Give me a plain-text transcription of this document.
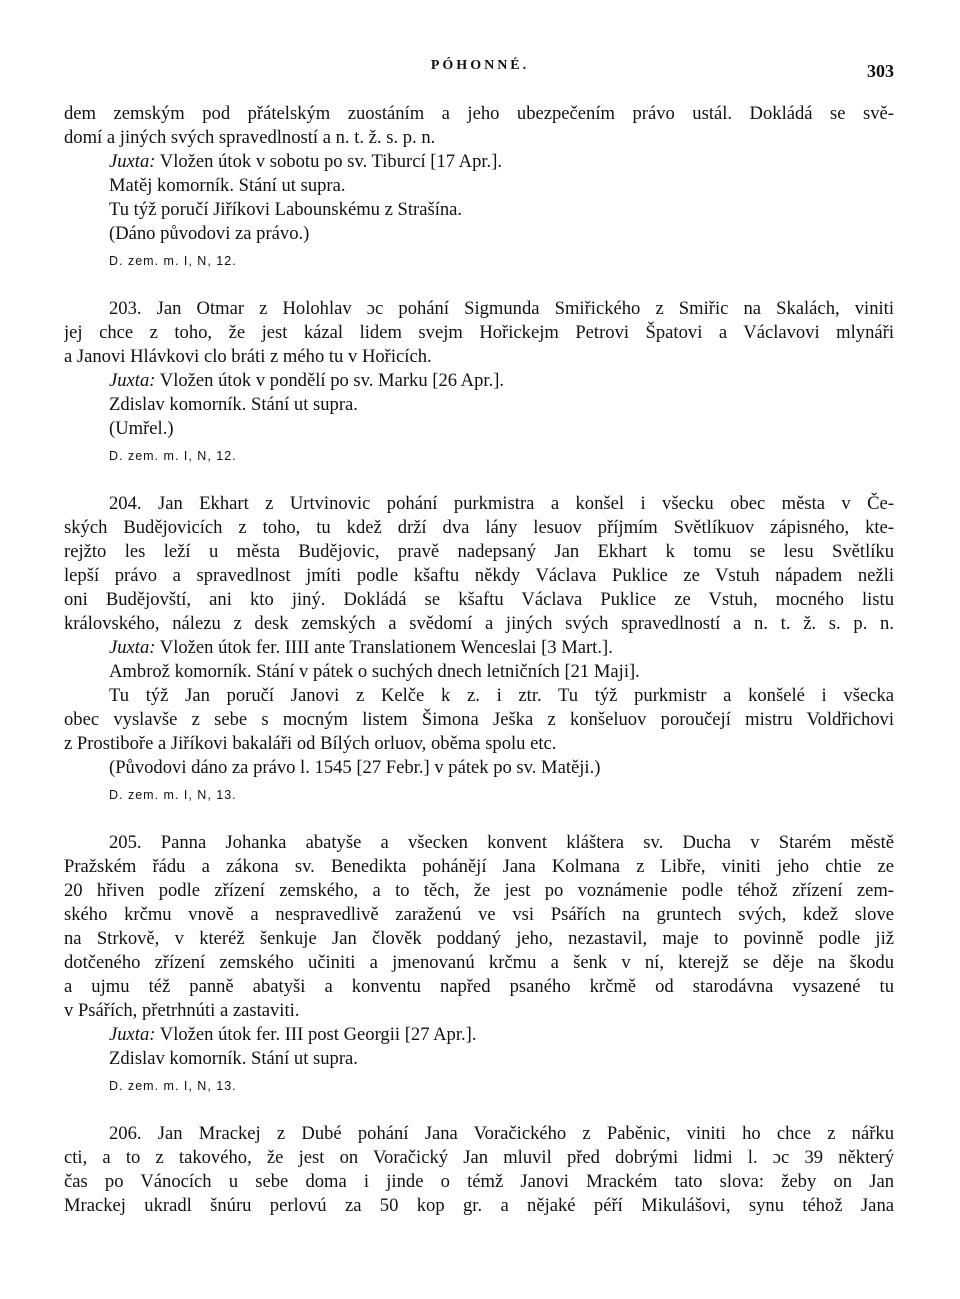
PÓHONNÉ.	303
dem zemským pod přátelským zuostáním a jeho ubezpečením právo ustál. Dokládá se svě-
domí a jiných svých spravedlností a n. t. ž. s. p. n.
Juxta: Vložen útok v sobotu po sv. Tiburcí [17 Apr.].
Matěj komorník. Stání ut supra.
Tu týž poručí Jiříkovi Labounskému z Strašína.
(Dáno původovi za právo.)
D. zem. m. I, N, 12.
203. Jan Otmar z Holohlav ɔc pohání Sigmunda Smiřického z Smiřic na Skalách, viniti
jej chce z toho, že jest kázal lidem svejm Hořickejm Petrovi Špatovi a Václavovi mlynáři
a Janovi Hlávkovi clo bráti z mého tu v Hořicích.
Juxta: Vložen útok v pondělí po sv. Marku [26 Apr.].
Zdislav komorník. Stání ut supra.
(Umřel.)
D. zem. m. I, N, 12.
204. Jan Ekhart z Urtvinovic pohání purkmistra a konšel i všecku obec města v Če-
ských Budějovicích z toho, tu kdež drží dva lány lesuov příjmím Světlíkuov zápisného, kte-
rejžto les leží u města Budějovic, pravě nadepsaný Jan Ekhart k tomu se lesu Světlíku
lepší právo a spravedlnost jmíti podle kšaftu někdy Václava Puklice ze Vstuh nápadem nežli
oni Budějovští, ani kto jiný. Dokládá se kšaftu Václava Puklice ze Vstuh, mocného listu
královského, nálezu z desk zemských a svědomí a jiných svých spravedlností a n. t. ž. s. p. n.
Juxta: Vložen útok fer. IIII ante Translationem Wenceslai [3 Mart.].
Ambrož komorník. Stání v pátek o suchých dnech letničních [21 Maji].
Tu týž Jan poručí Janovi z Kelče k z. i ztr. Tu týž purkmistr a konšelé i všecka
obec vyslavše z sebe s mocným listem Šimona Ješka z konšeluov poroučejí mistru Voldřichovi
z Prostiboře a Jiříkovi bakaláři od Bílých orluov, oběma spolu etc.
(Původovi dáno za právo l. 1545 [27 Febr.] v pátek po sv. Matěji.)
D. zem. m. I, N, 13.
205. Panna Johanka abatyše a všecken konvent kláštera sv. Ducha v Starém městě
Pražském řádu a zákona sv. Benedikta pohánějí Jana Kolmana z Libře, viniti jeho chtie ze
20 hřiven podle zřízení zemského, a to těch, že jest po voznámenie podle téhož zřízení zem-
ského krčmu vnově a nespravedlivě zaraženú ve vsi Psářích na gruntech svých, kdež slove
na Strkově, v kteréž šenkuje Jan člověk poddaný jeho, nezastavil, maje to povinně podle již
dotčeného zřízení zemského učiniti a jmenovanú krčmu a šenk v ní, kterejž se děje na škodu
a ujmu též panně abatyši a konventu napřed psaného krčmě od starodávna vysazené tu
v Psářích, přetrhnúti a zastaviti.
Juxta: Vložen útok fer. III post Georgii [27 Apr.].
Zdislav komorník. Stání ut supra.
D. zem. m. I, N, 13.
206. Jan Mrackej z Dubé pohání Jana Voračického z Paběnic, viniti ho chce z nářku
cti, a to z takového, že jest on Voračický Jan mluvil před dobrými lidmi l. ɔc 39 některý
čas po Vánocích u sebe doma i jinde o témž Janovi Mrackém tato slova: žeby on Jan
Mrackej ukradl šnúru perlovú za 50 kop gr. a nějaké péří Mikulášovi, synu téhož Jana
